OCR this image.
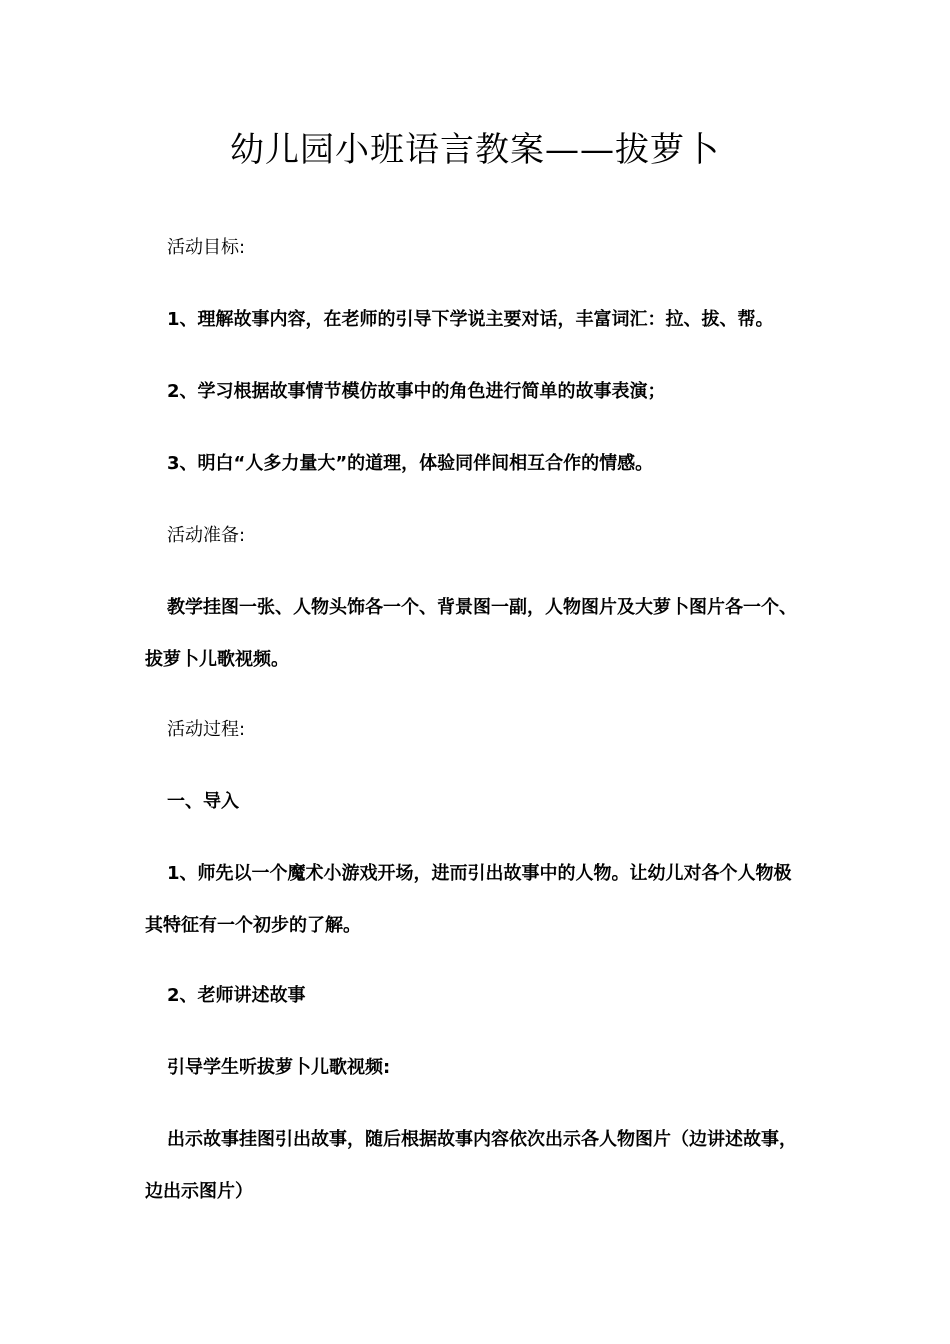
幼儿园小班语言教案——拔萝卜
活动目标:
1、理解故事内容，在老师的引导下学说主要对话，丰富词汇：拉、拔、帮。
2、学习根据故事情节模仿故事中的角色进行简单的故事表演；
3、明白“人多力量大”的道理，体验同伴间相互合作的情感。
活动准备:
教学挂图一张、人物头饰各一个、背景图一副，人物图片及大萝卜图片各一个、拔萝卜儿歌视频。
活动过程:
一、导入
1、师先以一个魔术小游戏开场，进而引出故事中的人物。让幼儿对各个人物极其特征有一个初步的了解。
2、老师讲述故事
引导学生听拔萝卜儿歌视频:
出示故事挂图引出故事，随后根据故事内容依次出示各人物图片（边讲述故事，边出示图片）
